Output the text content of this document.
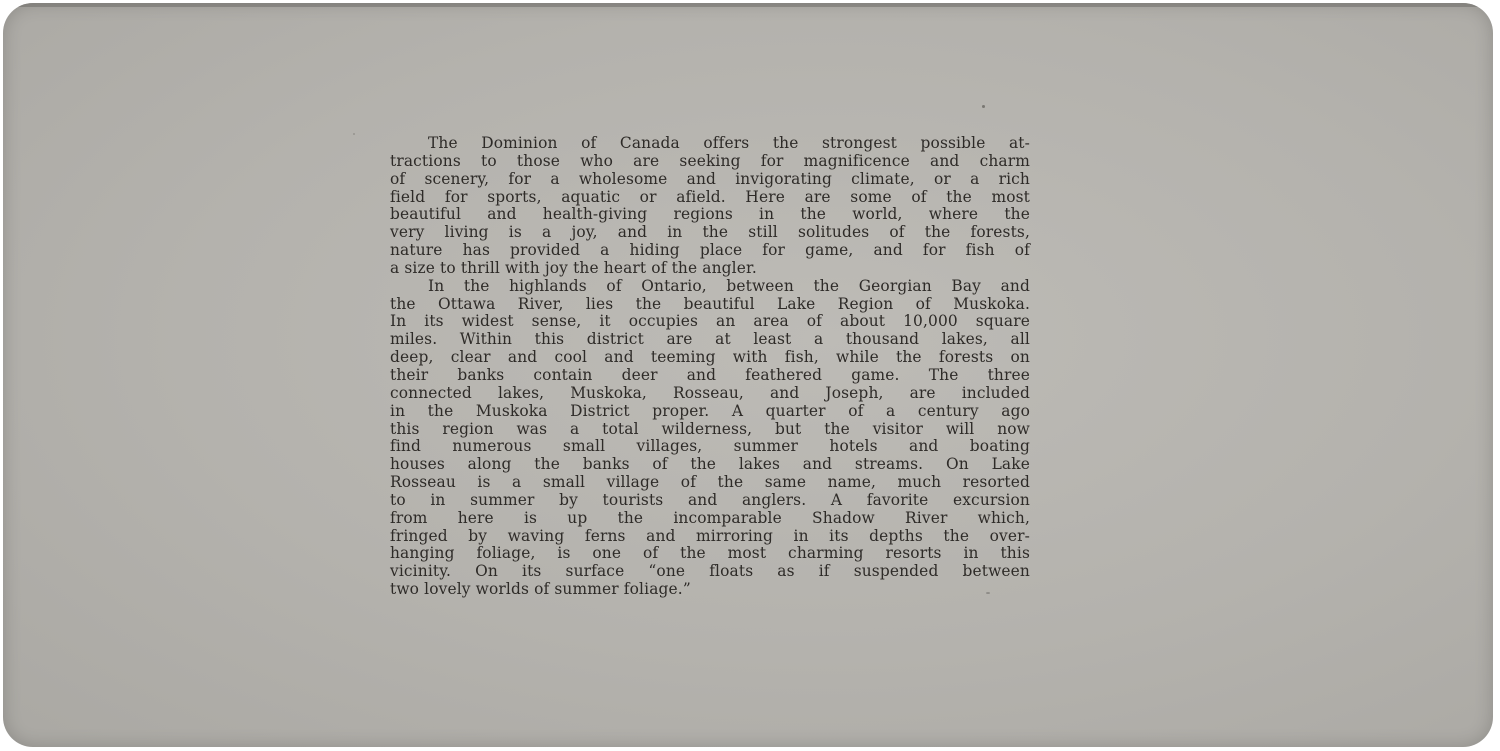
The Dominion of Canada offers the strongest possible at-
tractions to those who are seeking for magnificence and charm
of scenery, for a wholesome and invigorating climate, or a rich
field for sports, aquatic or afield. Here are some of the most
beautiful and health-giving regions in the world, where the
very living is a joy, and in the still solitudes of the forests,
nature has provided a hiding place for game, and for fish of
a size to thrill with joy the heart of the angler.
In the highlands of Ontario, between the Georgian Bay and
the Ottawa River, lies the beautiful Lake Region of Muskoka.
In its widest sense, it occupies an area of about 10,000 square
miles. Within this district are at least a thousand lakes, all
deep, clear and cool and teeming with fish, while the forests on
their banks contain deer and feathered game. The three
connected lakes, Muskoka, Rosseau, and Joseph, are included
in the Muskoka District proper. A quarter of a century ago
this region was a total wilderness, but the visitor will now
find numerous small villages, summer hotels and boating
houses along the banks of the lakes and streams. On Lake
Rosseau is a small village of the same name, much resorted
to in summer by tourists and anglers. A favorite excursion
from here is up the incomparable Shadow River which,
fringed by waving ferns and mirroring in its depths the over-
hanging foliage, is one of the most charming resorts in this
vicinity. On its surface “one floats as if suspended between
two lovely worlds of summer foliage.”
